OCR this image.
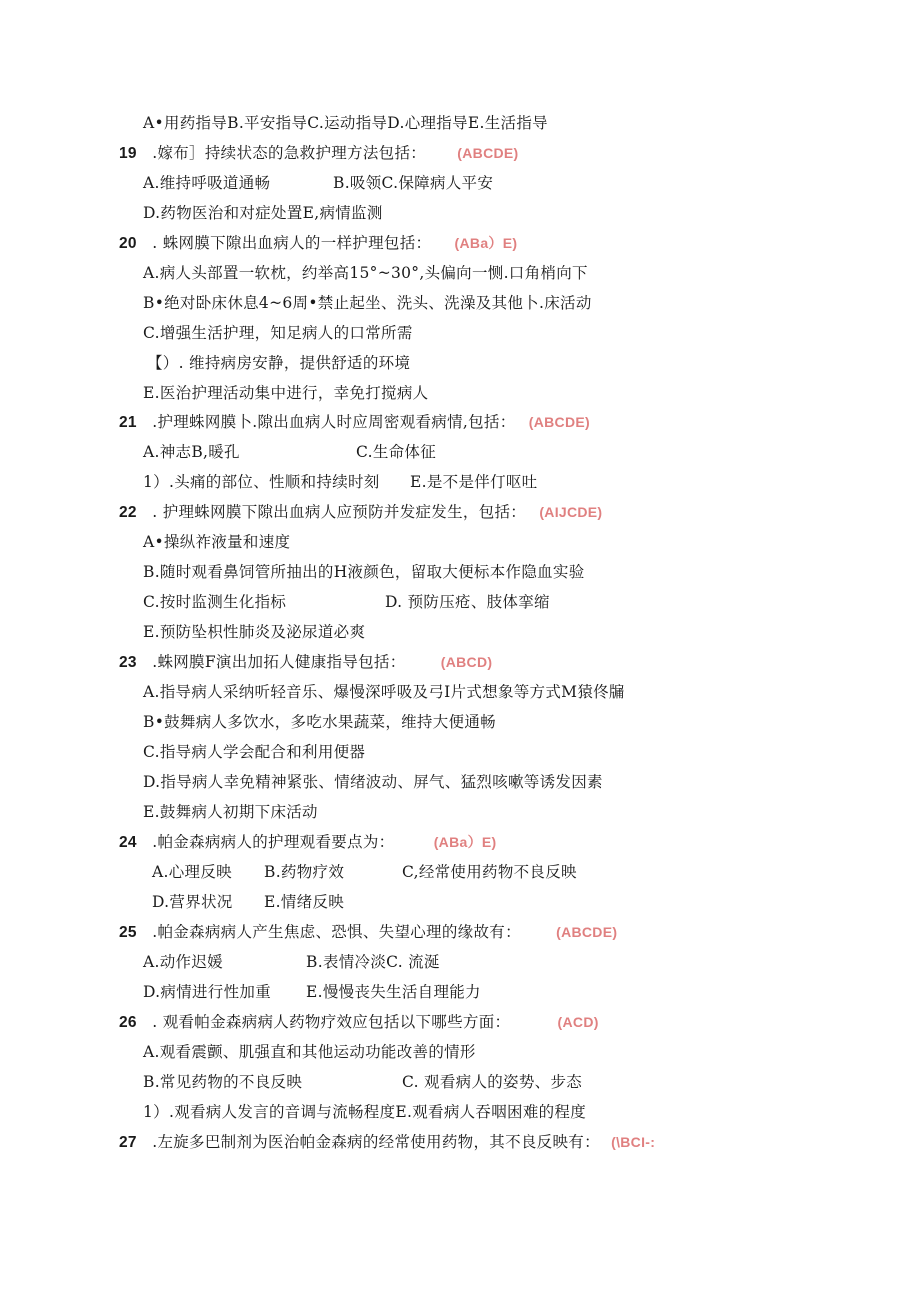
A•用药指导B.平安指导C.运动指导D.心理指导E.生活指导
19 .嫁布］持续状态的急救护理方法包括： (ABCDE)
A.维持呼吸道通畅	B.吸领C.保障病人平安
D.药物医治和对症处置E,病情监测
20 . 蛛网膜下隙出血病人的一样护理包括： (ABa）E)
A.病人头部置一软枕，约举高15°~30°,头偏向一恻.口角梢向下
B•绝对卧床休息4~6周•禁止起坐、洗头、洗澡及其他卜.床活动
C.增强生活护理，知足病人的口常所需
【）. 维持病房安静，提供舒适的环境
E.医治护理活动集中进行，幸免打搅病人
21 .护理蛛网膜卜.隙出血病人时应周密观看病情,包括： (ABCDE)
A.神志B,暖孔	C.生命体征
1）.头痛的部位、性顺和持续时刻 E.是不是伴仃呕吐
22 . 护理蛛网膜下隙出血病人应预防并发症发生，包括： (AIJCDE)
A•操纵祚液量和速度
B.随时观看鼻饲管所抽出的H液颜色，留取大便标本作隐血实验
C.按时监测生化指标	D. 预防压疮、肢体挛缩
E.预防坠枳性肺炎及泌尿道必爽
23 .蛛网膜F演出加拓人健康指导包括：	(ABCD)
A.指导病人采纳听轻音乐、爆慢深呼吸及弓I片式想象等方式M猿佟牖
B•鼓舞病人多饮水，多吃水果蔬菜，维持大便通畅
C.指导病人学会配合和利用便器
D.指导病人幸免精神紧张、情绪波动、屏气、猛烈咳嗽等诱发因素
E.鼓舞病人初期下床活动
24 .帕金森病病人的护理观看要点为：	(ABa）E)
A.心理反映 B.药物疗效	C,经常使用药物不良反映
D.营界状况 E.情绪反映
25 .帕金森病病人产生焦虑、恐惧、失望心理的缘故有：	(ABCDE)
A.动作迟媛	B.表情冷淡C. 流涎
D.病情进行性加重 E.慢慢丧失生活自理能力
26 . 观看帕金森病病人药物疗效应包括以下哪些方面：	(ACD)
A.观看震颤、肌强直和其他运动功能改善的情形
B.常见药物的不良反映	C. 观看病人的姿势、步态
1）.观看病人发言的音调与流畅程度E.观看病人吞咽困难的程度
27 .左旋多巴制剂为医治帕金森病的经常使用药物，其不良反映有： (\BCI-:
